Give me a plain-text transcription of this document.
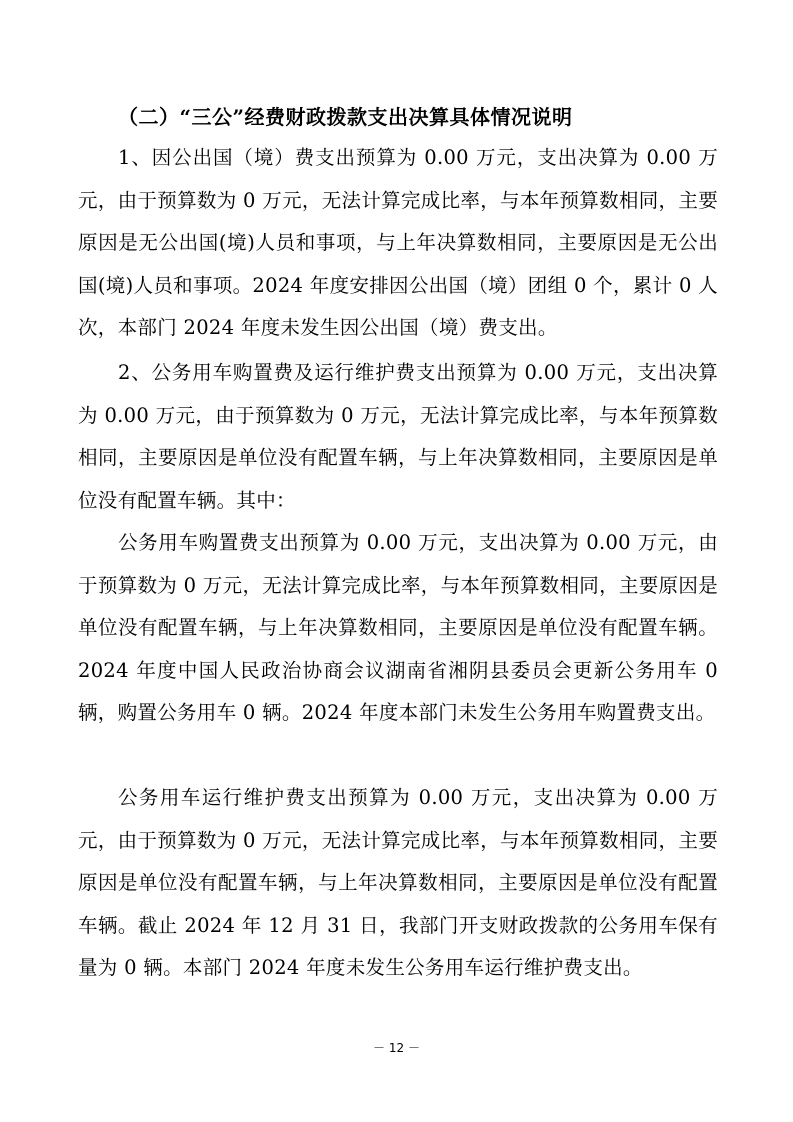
（二）“三公”经费财政拨款支出决算具体情况说明

1、因公出国（境）费支出预算为 0.00 万元，支出决算为 0.00 万元，由于预算数为 0 万元，无法计算完成比率，与本年预算数相同，主要原因是无公出国(境)人员和事项，与上年决算数相同，主要原因是无公出国(境)人员和事项。2024 年度安排因公出国（境）团组 0 个，累计 0 人次，本部门 2024 年度未发生因公出国（境）费支出。

2、公务用车购置费及运行维护费支出预算为 0.00 万元，支出决算为 0.00 万元，由于预算数为 0 万元，无法计算完成比率，与本年预算数相同，主要原因是单位没有配置车辆，与上年决算数相同，主要原因是单位没有配置车辆。其中：

公务用车购置费支出预算为 0.00 万元，支出决算为 0.00 万元，由于预算数为 0 万元，无法计算完成比率，与本年预算数相同，主要原因是单位没有配置车辆，与上年决算数相同，主要原因是单位没有配置车辆。2024 年度中国人民政治协商会议湖南省湘阴县委员会更新公务用车 0 辆，购置公务用车 0 辆。2024 年度本部门未发生公务用车购置费支出。

公务用车运行维护费支出预算为 0.00 万元，支出决算为 0.00 万元，由于预算数为 0 万元，无法计算完成比率，与本年预算数相同，主要原因是单位没有配置车辆，与上年决算数相同，主要原因是单位没有配置车辆。截止 2024 年 12 月 31 日，我部门开支财政拨款的公务用车保有量为 0 辆。本部门 2024 年度未发生公务用车运行维护费支出。

－ 12 －
